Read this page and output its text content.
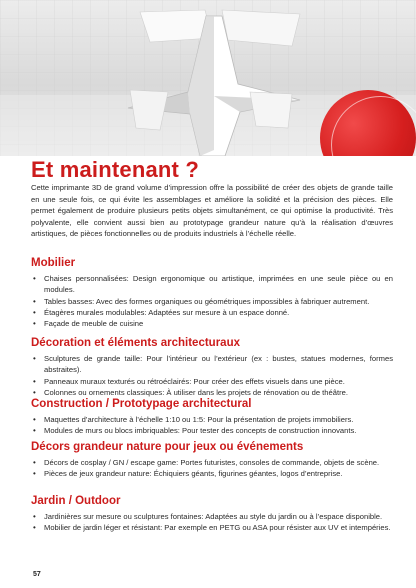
Et maintenant ?
Cette imprimante 3D de grand volume d’impression offre la possibilité de créer des objets de grande taille en une seule fois, ce qui évite les assemblages et améliore la solidité et la précision des pièces. Elle permet également de produire plusieurs petits objets simultanément, ce qui optimise la productivité. Très polyvalente, elle convient aussi bien au prototypage grandeur nature qu’à la réalisation d’œuvres artistiques, de pièces fonctionnelles ou de produits industriels à l’échelle réelle.
Mobilier
• Chaises personnalisées: Design ergonomique ou artistique, imprimées en une seule pièce ou en modules.
• Tables basses: Avec des formes organiques ou géométriques impossibles à fabriquer autrement.
• Étagères murales modulables: Adaptées sur mesure à un espace donné.
• Façade de meuble de cuisine
Décoration et éléments architecturaux
• Sculptures de grande taille: Pour l’intérieur ou l’extérieur (ex : bustes, statues modernes, formes abstraites).
• Panneaux muraux texturés ou rétroéclairés: Pour créer des effets visuels dans une pièce.
• Colonnes ou ornements classiques: À utiliser dans les projets de rénovation ou de théâtre.
Construction / Prototypage architectural
• Maquettes d’architecture à l’échelle 1:10 ou 1:5: Pour la présentation de projets immobiliers.
• Modules de murs ou blocs imbriquables: Pour tester des concepts de construction innovants.
Décors grandeur nature pour jeux ou événements
• Décors de cosplay / GN / escape game: Portes futuristes, consoles de commande, objets de scène.
• Pièces de jeux grandeur nature: Échiquiers géants, figurines géantes, logos d’entreprise.
Jardin / Outdoor
• Jardinières sur mesure ou sculptures fontaines: Adaptées au style du jardin ou à l’espace disponible.
• Mobilier de jardin léger et résistant: Par exemple en PETG ou ASA pour résister aux UV et intempéries.
57
